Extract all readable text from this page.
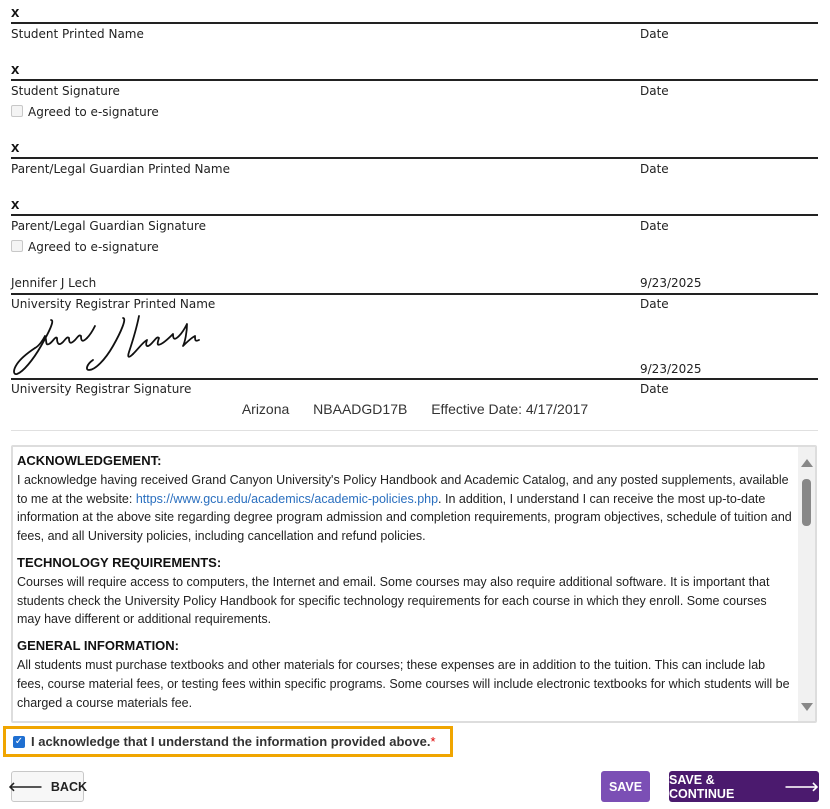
x
Student Printed Name	Date
x
Student Signature	Date
Agreed to e-signature
x
Parent/Legal Guardian Printed Name	Date
x
Parent/Legal Guardian Signature	Date
Agreed to e-signature
Jennifer J Lech	9/23/2025
University Registrar Printed Name	Date
9/23/2025
University Registrar Signature	Date
Arizona NBAADGD17B Effective Date: 4/17/2017
ACKNOWLEDGEMENT:

I acknowledge having received Grand Canyon University's Policy Handbook and Academic Catalog, and any posted supplements, available to me at the website: https://www.gcu.edu/academics/academic-policies.php. In addition, I understand I can receive the most up-to-date information at the above site regarding degree program admission and completion requirements, program objectives, schedule of tuition and fees, and all University policies, including cancellation and refund policies.

TECHNOLOGY REQUIREMENTS:

Courses will require access to computers, the Internet and email. Some courses may also require additional software. It is important that students check the University Policy Handbook for specific technology requirements for each course in which they enroll. Some courses may have different or additional requirements.

GENERAL INFORMATION:

All students must purchase textbooks and other materials for courses; these expenses are in addition to the tuition. This can include lab fees, course material fees, or testing fees within specific programs. Some courses will include electronic textbooks for which students will be charged a course materials fee.

✓ I acknowledge that I understand the information provided above. *
🡐 BACK	SAVE SAVE & CONTINUE	🡒
